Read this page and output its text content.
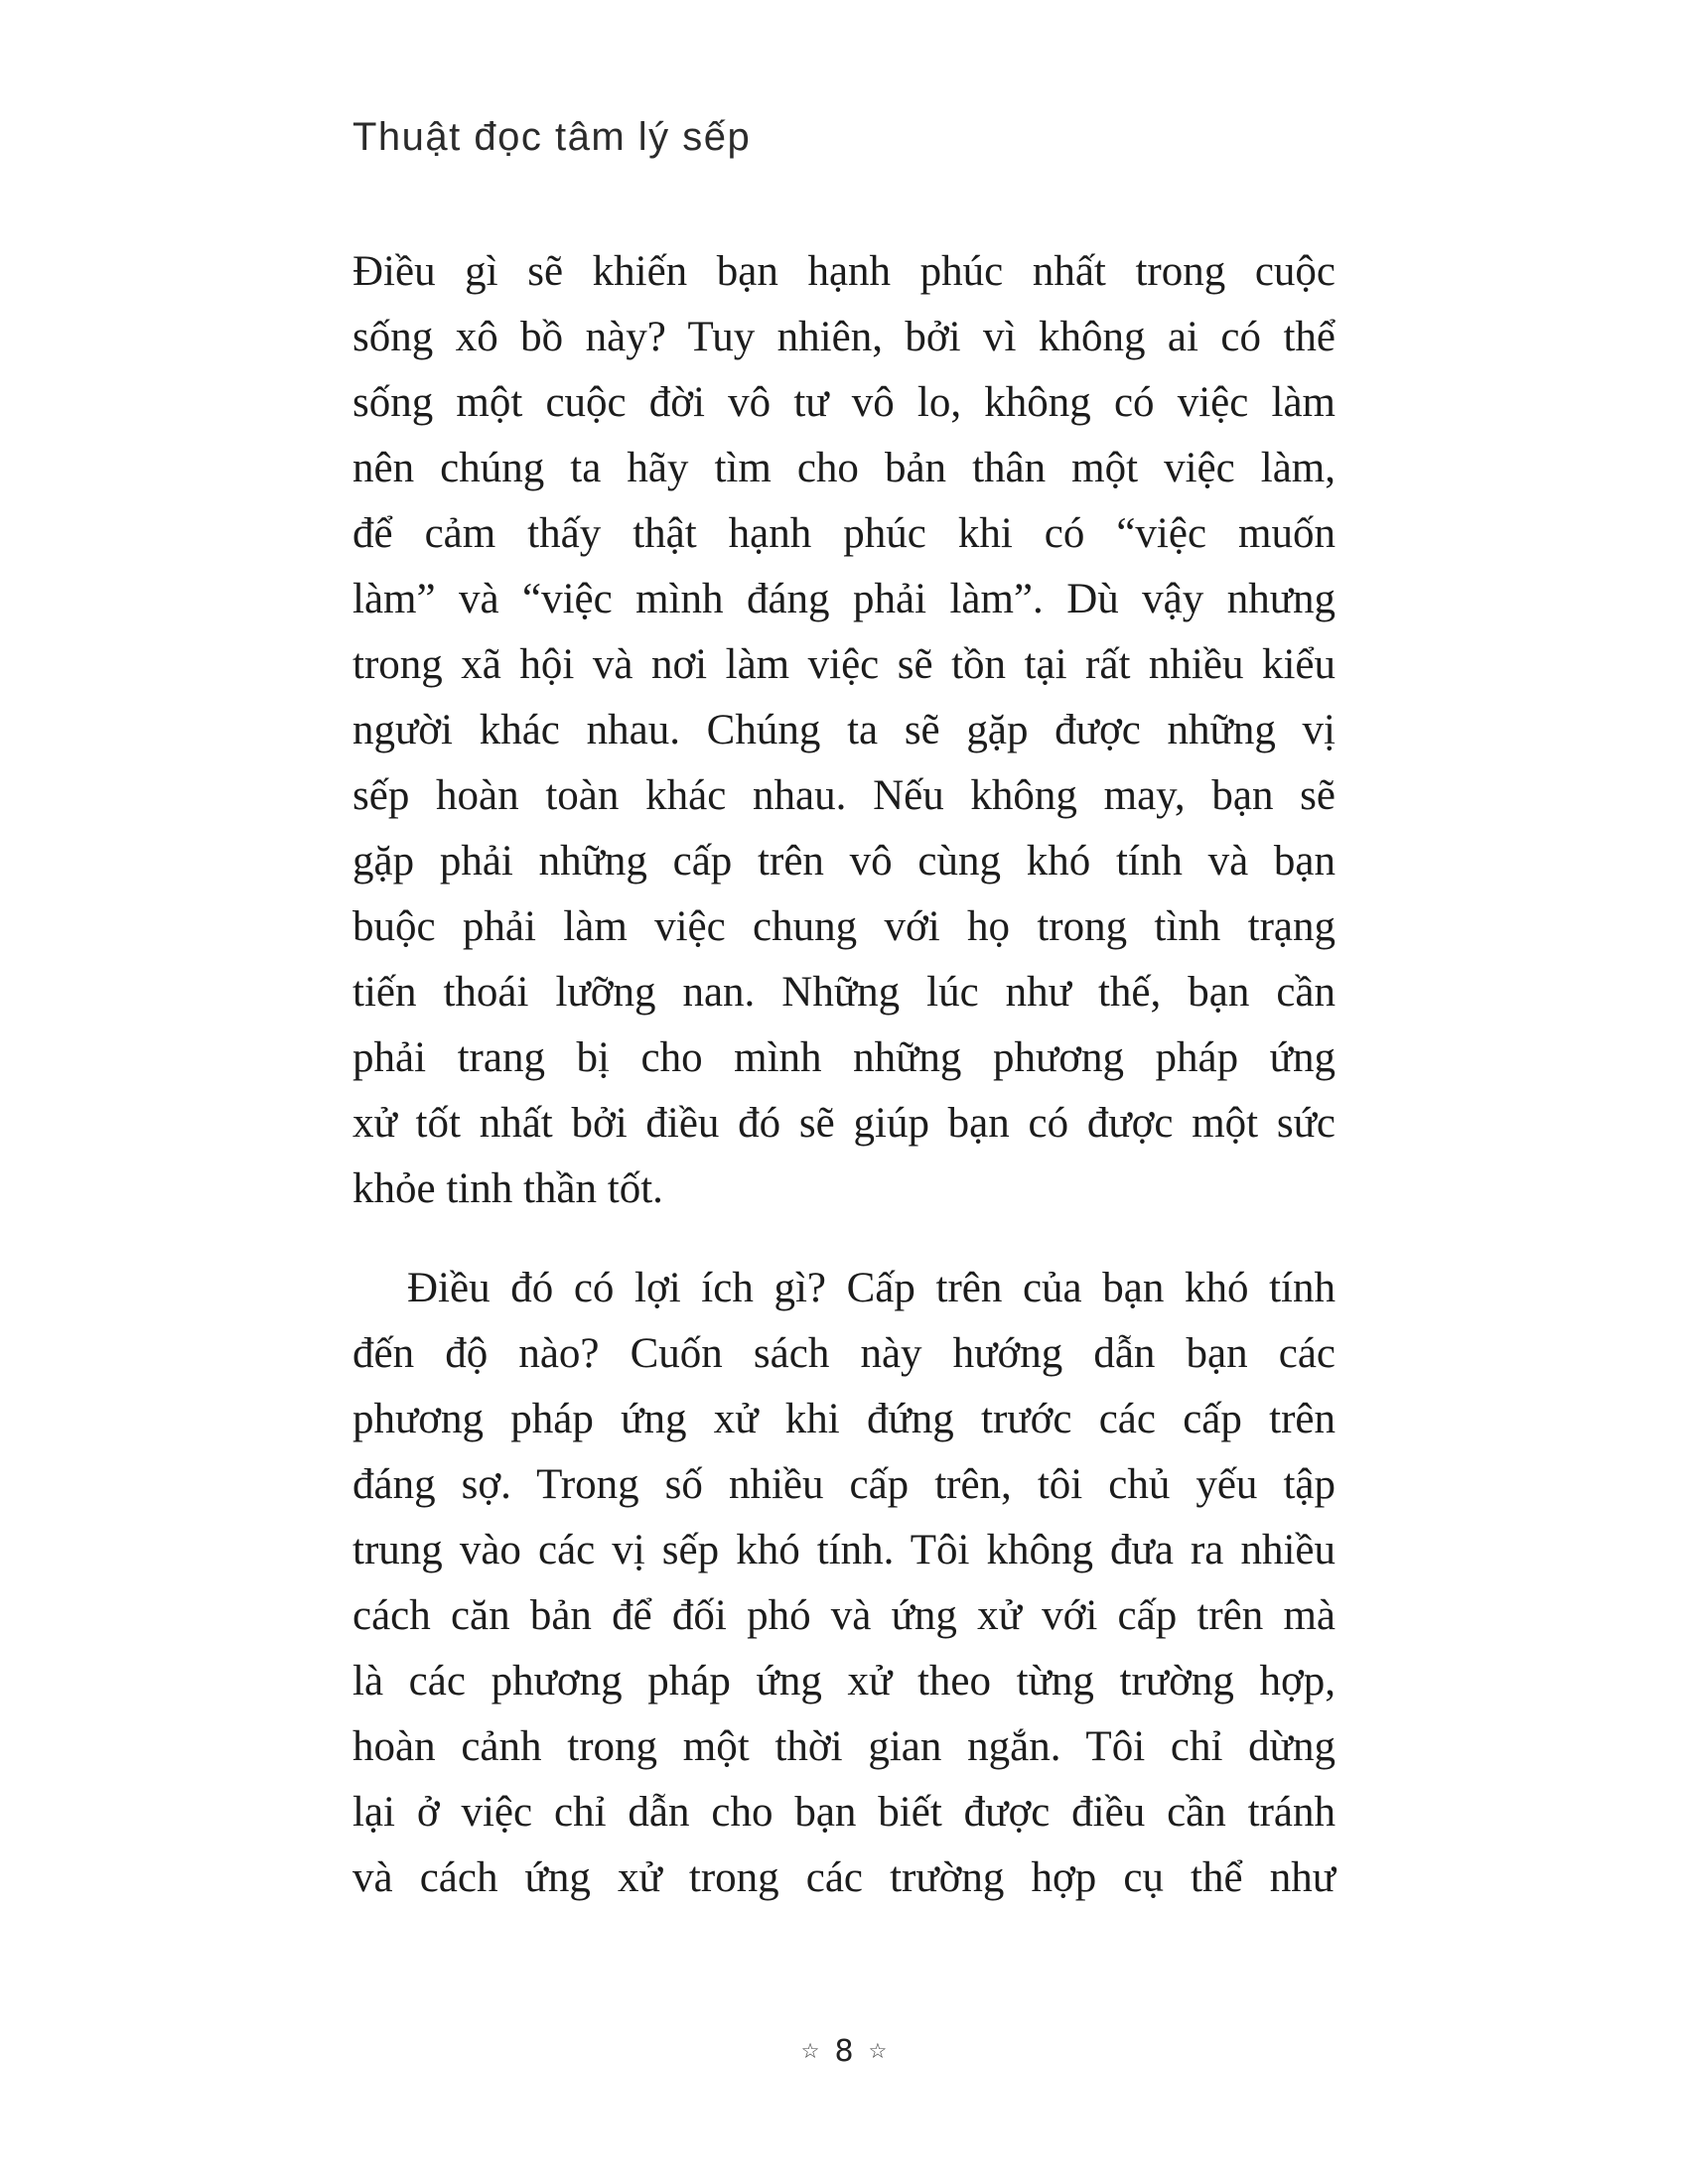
Thuật đọc tâm lý sếp
Điều gì sẽ khiến bạn hạnh phúc nhất trong cuộc
sống xô bồ này? Tuy nhiên, bởi vì không ai có thể
sống một cuộc đời vô tư vô lo, không có việc làm
nên chúng ta hãy tìm cho bản thân một việc làm,
để cảm thấy thật hạnh phúc khi có “việc muốn
làm” và “việc mình đáng phải làm”. Dù vậy nhưng
trong xã hội và nơi làm việc sẽ tồn tại rất nhiều kiểu
người khác nhau. Chúng ta sẽ gặp được những vị
sếp hoàn toàn khác nhau. Nếu không may, bạn sẽ
gặp phải những cấp trên vô cùng khó tính và bạn
buộc phải làm việc chung với họ trong tình trạng
tiến thoái lưỡng nan. Những lúc như thế, bạn cần
phải trang bị cho mình những phương pháp ứng
xử tốt nhất bởi điều đó sẽ giúp bạn có được một sức
khỏe tinh thần tốt.
Điều đó có lợi ích gì? Cấp trên của bạn khó tính
đến độ nào? Cuốn sách này hướng dẫn bạn các
phương pháp ứng xử khi đứng trước các cấp trên
đáng sợ. Trong số nhiều cấp trên, tôi chủ yếu tập
trung vào các vị sếp khó tính. Tôi không đưa ra nhiều
cách căn bản để đối phó và ứng xử với cấp trên mà
là các phương pháp ứng xử theo từng trường hợp,
hoàn cảnh trong một thời gian ngắn. Tôi chỉ dừng
lại ở việc chỉ dẫn cho bạn biết được điều cần tránh
và cách ứng xử trong các trường hợp cụ thể như
☆ 8 ☆
